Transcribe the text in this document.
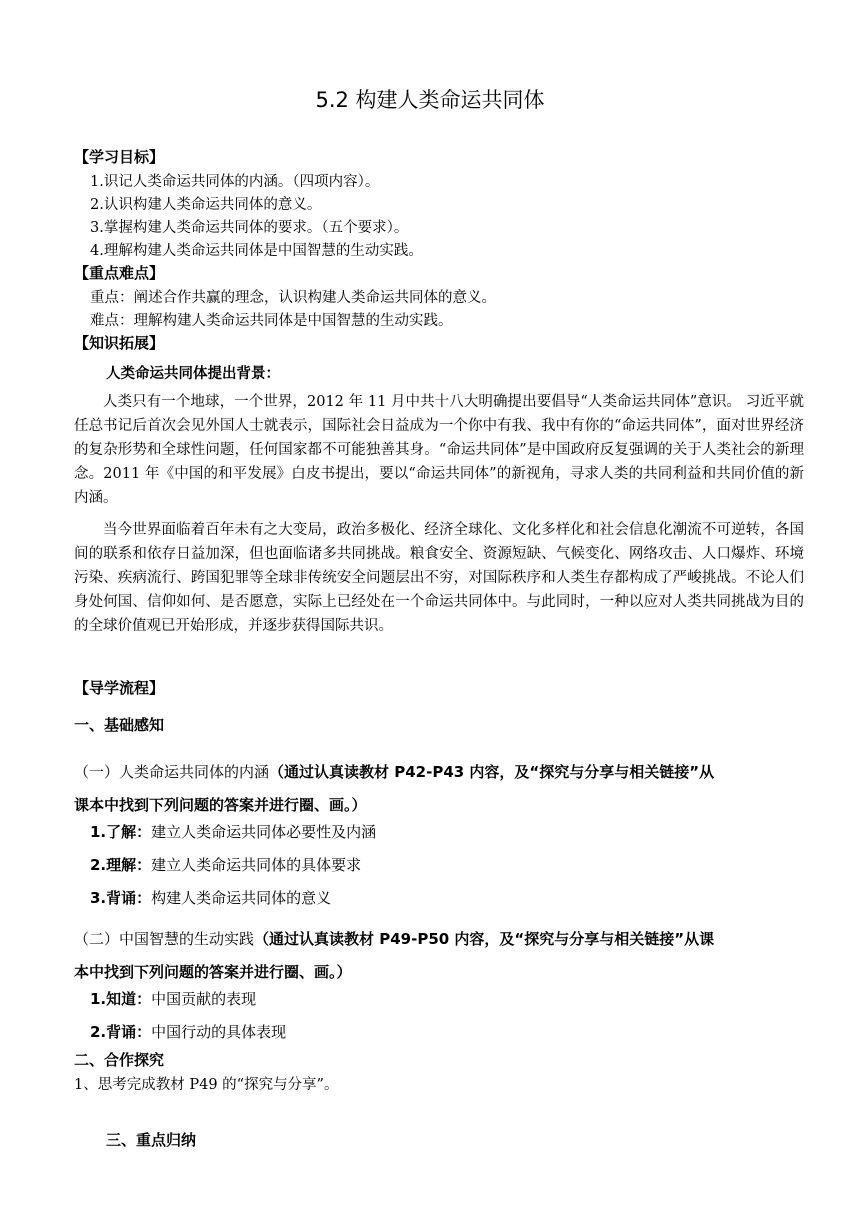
5.2 构建人类命运共同体
【学习目标】
1.识记人类命运共同体的内涵。（四项内容）。
2.认识构建人类命运共同体的意义。
3.掌握构建人类命运共同体的要求。（五个要求）。
4.理解构建人类命运共同体是中国智慧的生动实践。
【重点难点】
重点：阐述合作共赢的理念，认识构建人类命运共同体的意义。
难点：理解构建人类命运共同体是中国智慧的生动实践。
【知识拓展】
人类命运共同体提出背景：

人类只有一个地球，一个世界，2012 年 11 月中共十八大明确提出要倡导“人类命运共同体”意识。 习近平就任总书记后首次会见外国人士就表示，国际社会日益成为一个你中有我、我中有你的“命运共同体”，面对世界经济的复杂形势和全球性问题，任何国家都不可能独善其身。“命运共同体”是中国政府反复强调的关于人类社会的新理念。2011 年《中国的和平发展》白皮书提出，要以“命运共同体”的新视角，寻求人类的共同利益和共同价值的新内涵。

当今世界面临着百年未有之大变局，政治多极化、经济全球化、文化多样化和社会信息化潮流不可逆转，各国间的联系和依存日益加深，但也面临诸多共同挑战。粮食安全、资源短缺、气候变化、网络攻击、人口爆炸、环境污染、疾病流行、跨国犯罪等全球非传统安全问题层出不穷，对国际秩序和人类生存都构成了严峻挑战。不论人们身处何国、信仰如何、是否愿意，实际上已经处在一个命运共同体中。与此同时，一种以应对人类共同挑战为目的的全球价值观已开始形成，并逐步获得国际共识。

【导学流程】
一、基础感知
（一）人类命运共同体的内涵（通过认真读教材 P42-P43 内容，及“探究与分享与相关链接”从
课本中找到下列问题的答案并进行圈、画。）
1.了解：建立人类命运共同体必要性及内涵
2.理解：建立人类命运共同体的具体要求
3.背诵：构建人类命运共同体的意义
（二）中国智慧的生动实践（通过认真读教材 P49-P50 内容，及“探究与分享与相关链接”从课
本中找到下列问题的答案并进行圈、画。）
1.知道：中国贡献的表现
2.背诵：中国行动的具体表现
二、合作探究
1、思考完成教材 P49 的“探究与分享”。
三、重点归纳
